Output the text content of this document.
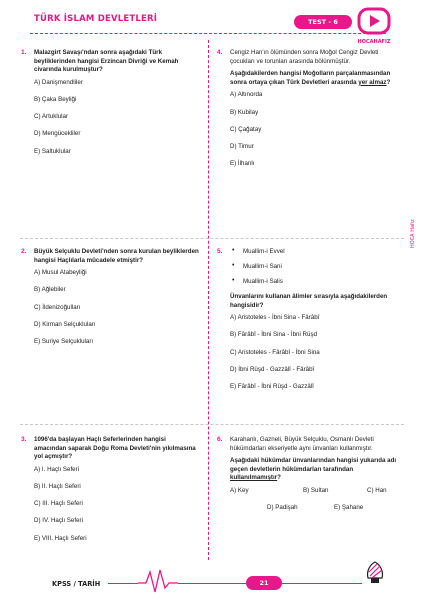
TÜRK İSLAM DEVLETLERİ	TEST - 6
HOCAHAFIZ
HOCA Hafız
1. Malazgirt Savaşı'ndan sonra aşağıdaki Türk beyliklerinden hangisi Erzincan Divriği ve Kemah civarında kurulmuştur?

A) Danişmendliler

B) Çaka Beyliği

C) Artuklular

D) Mengücekliler

E) Saltuklular

2. Büyük Selçuklu Devleti'nden sonra kurulan beyliklerden hangisi Haçlılarla mücadele etmiştir?

A) Musul Atabeyliği

B) Ağlebiler

C) İldenizoğulları

D) Kirman Selçukluları

E) Suriye Selçukluları

3. 1096'da başlayan Haçlı Seferlerinden hangisi amacından saparak Doğu Roma Devleti'nin yıkılmasına yol açmıştır?

A) I. Haçlı Seferi

B) II. Haçlı Seferi

C) III. Haçlı Seferi

D) IV. Haçlı Seferi

E) VIII. Haçlı Seferi

4. Cengiz Han'ın ölümünden sonra Moğol Cengiz Devleti çocukları ve torunları arasında bölünmüştür.

Aşağıdakilerden hangisi Moğolların parçalanmasından sonra ortaya çıkan Türk Devletleri arasında yer almaz?

A) Altınorda

B) Kubilay

C) Çağatay

D) Timur

E) İlhanlı

5. • Muallim-i Evvel

• Muallim-i Sani

• Muallim-i Salis

Ünvanlarını kullanan âlimler sırasıyla aşağıdakilerden hangisidir?

A) Aristoteles - İbni Sina - Fârâbî

B) Fârâbî - İbni Sina - İbni Rüşd

C) Aristoteles - Fârâbî - İbni Sina

D) İbni Rüşd - Gazzâlî - Fârâbî

E) Fârâbî - İbni Rüşd - Gazzâlî

6. Karahanlı, Gazneli, Büyük Selçuklu, Osmanlı Devleti hükümdarları ekseriyetle aynı ünvanları kullanmıştır.

Aşağıdaki hükümdar ünvanlarından hangisi yukarıda adı geçen devletlerin hükümdarları tarafından kullanılmamıştır?

A) Key	B) Sultan	C) Han
D) Padişah	E) Şahane
KPSS / TARİH	21
